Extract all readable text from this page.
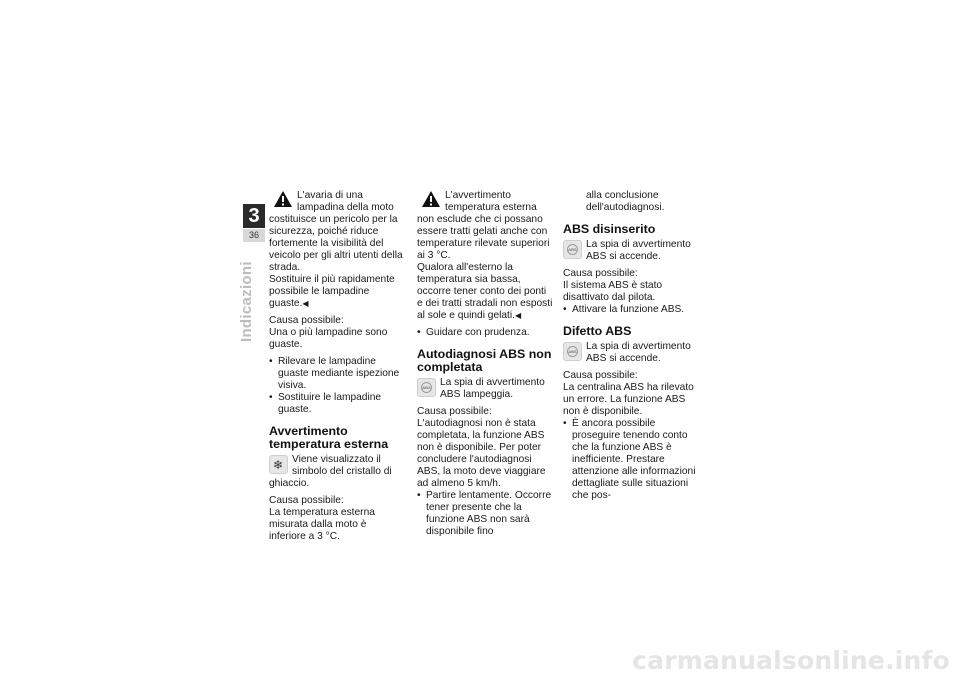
3
36
Indicazioni

L'avaria di una lampadina della moto costituisce un pericolo per la sicurezza, poiché riduce fortemente la visibilità del veicolo per gli altri utenti della strada.

Sostituire il più rapidamente possibile le lampadine guaste.◀

Causa possibile:

Una o più lampadine sono guaste.

• Rilevare le lampadine guaste mediante ispezione visiva.
• Sostituire le lampadine guaste.
Avvertimento temperatura esterna
❄ Viene visualizzato il simbolo del cristallo di ghiaccio.

Causa possibile:

La temperatura esterna misurata dalla moto è inferiore a 3 °C.

L'avvertimento temperatura esterna non esclude che ci possano essere tratti gelati anche con temperature rilevate superiori ai 3 °C.

Qualora all'esterno la temperatura sia bassa, occorre tener conto dei ponti e dei tratti stradali non esposti al sole e quindi gelati.◀

• Guidare con prudenza.
Autodiagnosi ABS non completata
ABS La spia di avvertimento ABS lampeggia.

Causa possibile:

L'autodiagnosi non è stata completata, la funzione ABS non è disponibile. Per poter concludere l'autodiagnosi ABS, la moto deve viaggiare ad almeno 5 km/h.

• Partire lentamente. Occorre tener presente che la funzione ABS non sarà disponibile fino

alla conclusione dell'autodiagnosi.

ABS disinserito
ABS La spia di avvertimento ABS si accende.

Causa possibile:

Il sistema ABS è stato disattivato dal pilota.

• Attivare la funzione ABS.
Difetto ABS
ABS La spia di avvertimento ABS si accende.

Causa possibile:

La centralina ABS ha rilevato un errore. La funzione ABS non è disponibile.

• È ancora possibile proseguire tenendo conto che la funzione ABS è inefficiente. Prestare attenzione alle informazioni dettagliate sulle situazioni che pos-
carmanualsonline.info
